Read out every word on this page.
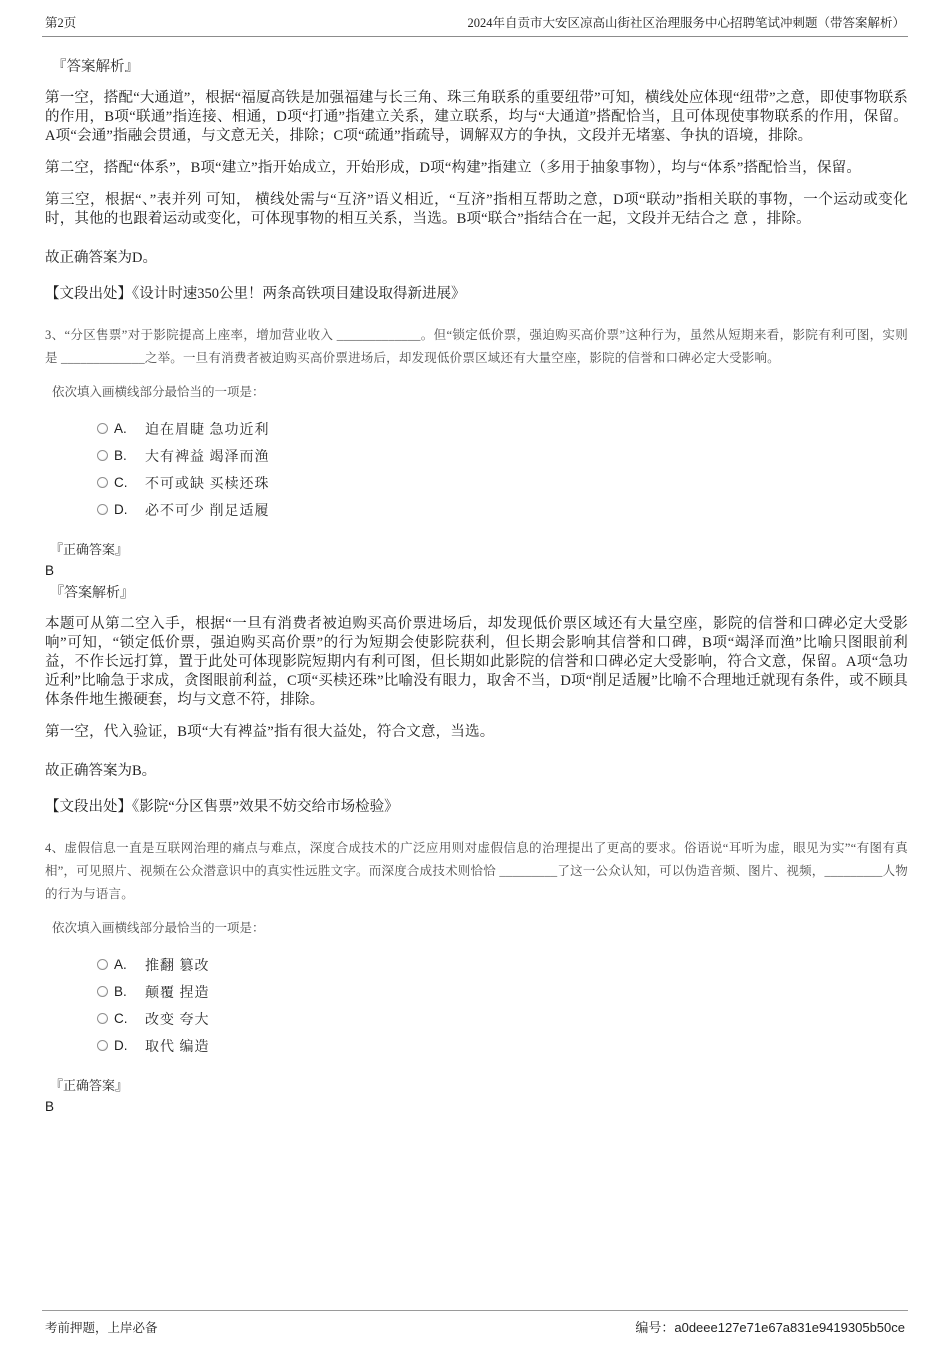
第2页	2024年自贡市大安区凉高山街社区治理服务中心招聘笔试冲刺题（带答案解析）
『答案解析』

第一空，搭配“大通道”，根据“福厦高铁是加强福建与长三角、珠三角联系的重要纽带”可知，横线处应体现“纽带”之意，即使事物联系的作用，B项“联通”指连接、相通，D项“打通”指建立关系，建立联系，均与“大通道”搭配恰当，且可体现使事物联系的作用，保留。A项“会通”指融会贯通，与文意无关，排除；C项“疏通”指疏导，调解双方的争执，文段并无堵塞、争执的语境，排除。

第二空，搭配“体系”，B项“建立”指开始成立，开始形成，D项“构建”指建立（多用于抽象事物），均与“体系”搭配恰当，保留。

第三空，根据“、”表并列 可知， 横线处需与“互济”语义相近，“互济”指相互帮助之意，D项“联动”指相关联的事物，一个运动或变化时，其他的也跟着运动或变化，可体现事物的相互关系，当选。B项“联合”指结合在一起，文段并无结合之 意 ，排除。

故正确答案为D。
【文段出处】《设计时速350公里！两条高铁项目建设取得新进展》

3、“分区售票”对于影院提高上座率，增加营业收入 _____________。但“锁定低价票，强迫购买高价票”这种行为，虽然从短期来看，影院有利可图，实则是 _____________之举。一旦有消费者被迫购买高价票进场后，却发现低价票区域还有大量空座，影院的信誉和口碑必定大受影响。

依次填入画横线部分最恰当的一项是：
A.	迫在眉睫 急功近利
B.	大有裨益 竭泽而渔
C.	不可或缺 买椟还珠
D.	必不可少 削足适履
『正确答案』
B
『答案解析』

本题可从第二空入手，根据“一旦有消费者被迫购买高价票进场后，却发现低价票区域还有大量空座，影院的信誉和口碑必定大受影响”可知，“锁定低价票，强迫购买高价票”的行为短期会使影院获利，但长期会影响其信誉和口碑，B项“竭泽而渔”比喻只图眼前利益，不作长远打算，置于此处可体现影院短期内有利可图，但长期如此影院的信誉和口碑必定大受影响，符合文意，保留。A项“急功近利”比喻急于求成，贪图眼前利益，C项“买椟还珠”比喻没有眼力，取舍不当，D项“削足适履”比喻不合理地迁就现有条件，或不顾具体条件地生搬硬套，均与文意不符，排除。

第一空，代入验证，B项“大有裨益”指有很大益处，符合文意，当选。

故正确答案为B。
【文段出处】《影院“分区售票”效果不妨交给市场检验》

4、虚假信息一直是互联网治理的痛点与难点，深度合成技术的广泛应用则对虚假信息的治理提出了更高的要求。俗语说“耳听为虚，眼见为实”“有图有真相”，可见照片、视频在公众潜意识中的真实性远胜文字。而深度合成技术则恰恰 _________了这一公众认知，可以伪造音频、图片、视频，_________人物的行为与语言。

依次填入画横线部分最恰当的一项是：
A.	推翻 篡改
B.	颠覆 捏造
C.	改变 夸大
D.	取代 编造
『正确答案』
B
考前押题，上岸必备	编号：a0deee127e71e67a831e9419305b50ce
